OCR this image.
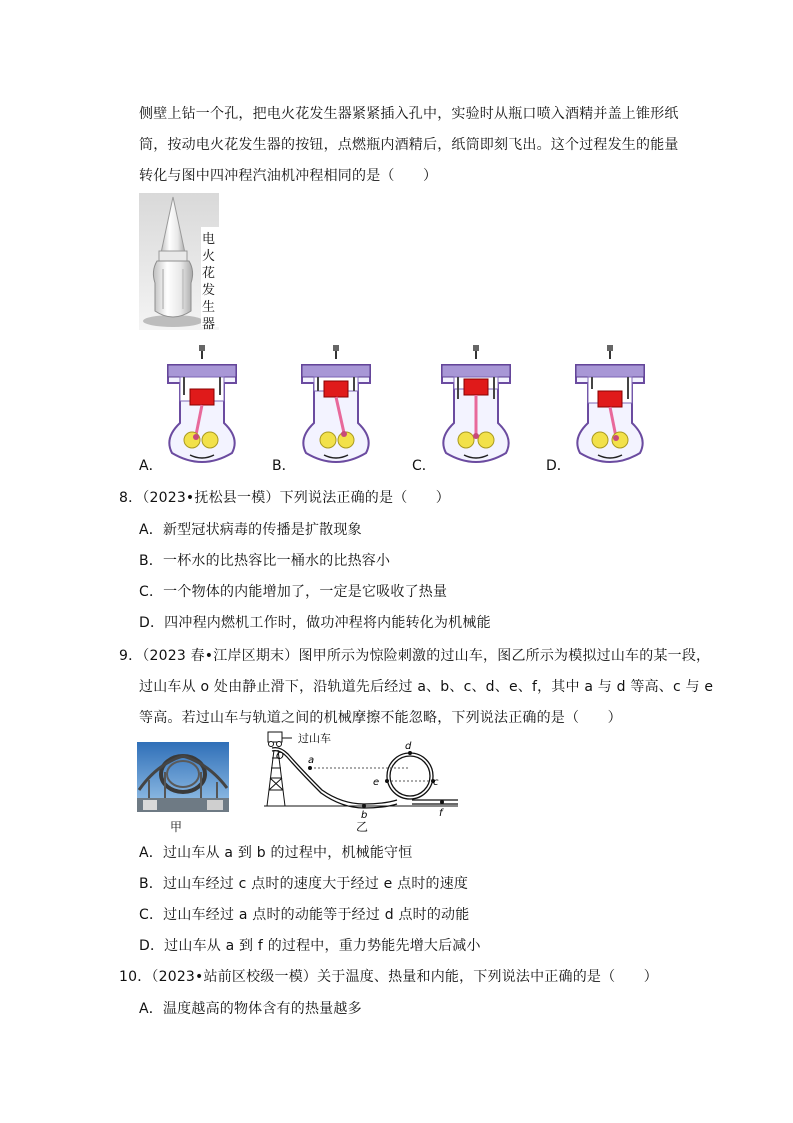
侧壁上钻一个孔，把电火花发生器紧紧插入孔中，实验时从瓶口喷入酒精并盖上锥形纸
筒，按动电火花发生器的按钮，点燃瓶内酒精后，纸筒即刻飞出。这个过程发生的能量
转化与图中四冲程汽油机冲程相同的是（　　）
电火花发生器
A．	B．	C．	D．
8．（2023•抚松县一模）下列说法正确的是（　　）
A．新型冠状病毒的传播是扩散现象
B．一杯水的比热容比一桶水的比热容小
C．一个物体的内能增加了，一定是它吸收了热量
D．四冲程内燃机工作时，做功冲程将内能转化为机械能
9．（2023 春•江岸区期末）图甲所示为惊险刺激的过山车，图乙所示为模拟过山车的某一段，
过山车从 o 处由静止滑下，沿轨道先后经过 a、b、c、d、e、f，其中 a 与 d 等高、c 与 e
等高。若过山车与轨道之间的机械摩擦不能忽略，下列说法正确的是（　　）
甲
O a
b
c
d
e
f
过山车
乙
A．过山车从 a 到 b 的过程中，机械能守恒
B．过山车经过 c 点时的速度大于经过 e 点时的速度
C．过山车经过 a 点时的动能等于经过 d 点时的动能
D．过山车从 a 到 f 的过程中，重力势能先增大后减小
10．（2023•站前区校级一模）关于温度、热量和内能，下列说法中正确的是（　　）
A．温度越高的物体含有的热量越多
